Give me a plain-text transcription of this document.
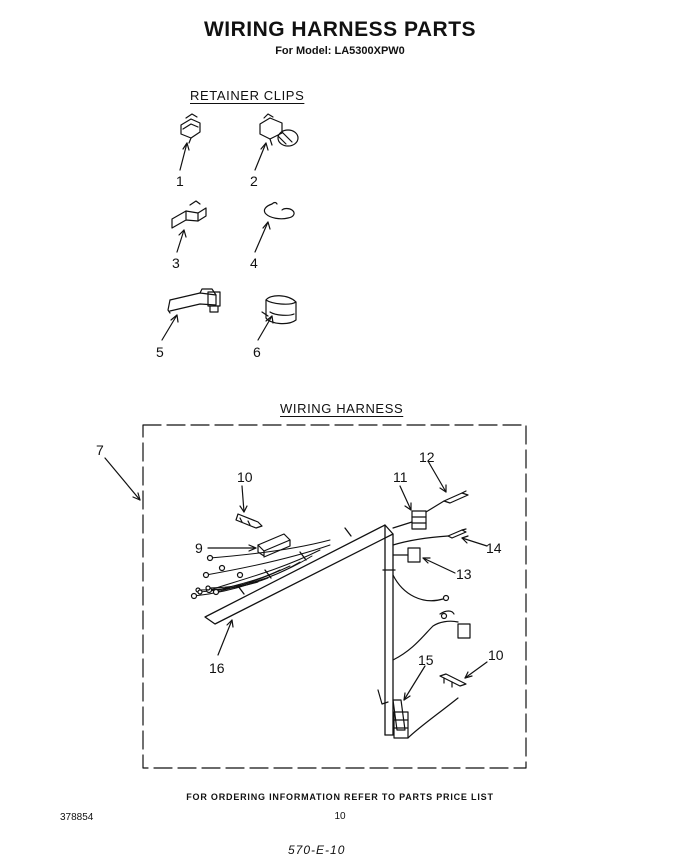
WIRING HARNESS PARTS
For Model: LA5300XPW0
RETAINER CLIPS
WIRING HARNESS
1	2
3	4
5	6
7
9
10
10
11
12
13
14
15
16
FOR ORDERING INFORMATION REFER TO PARTS PRICE LIST
378854	10
570-E-10
